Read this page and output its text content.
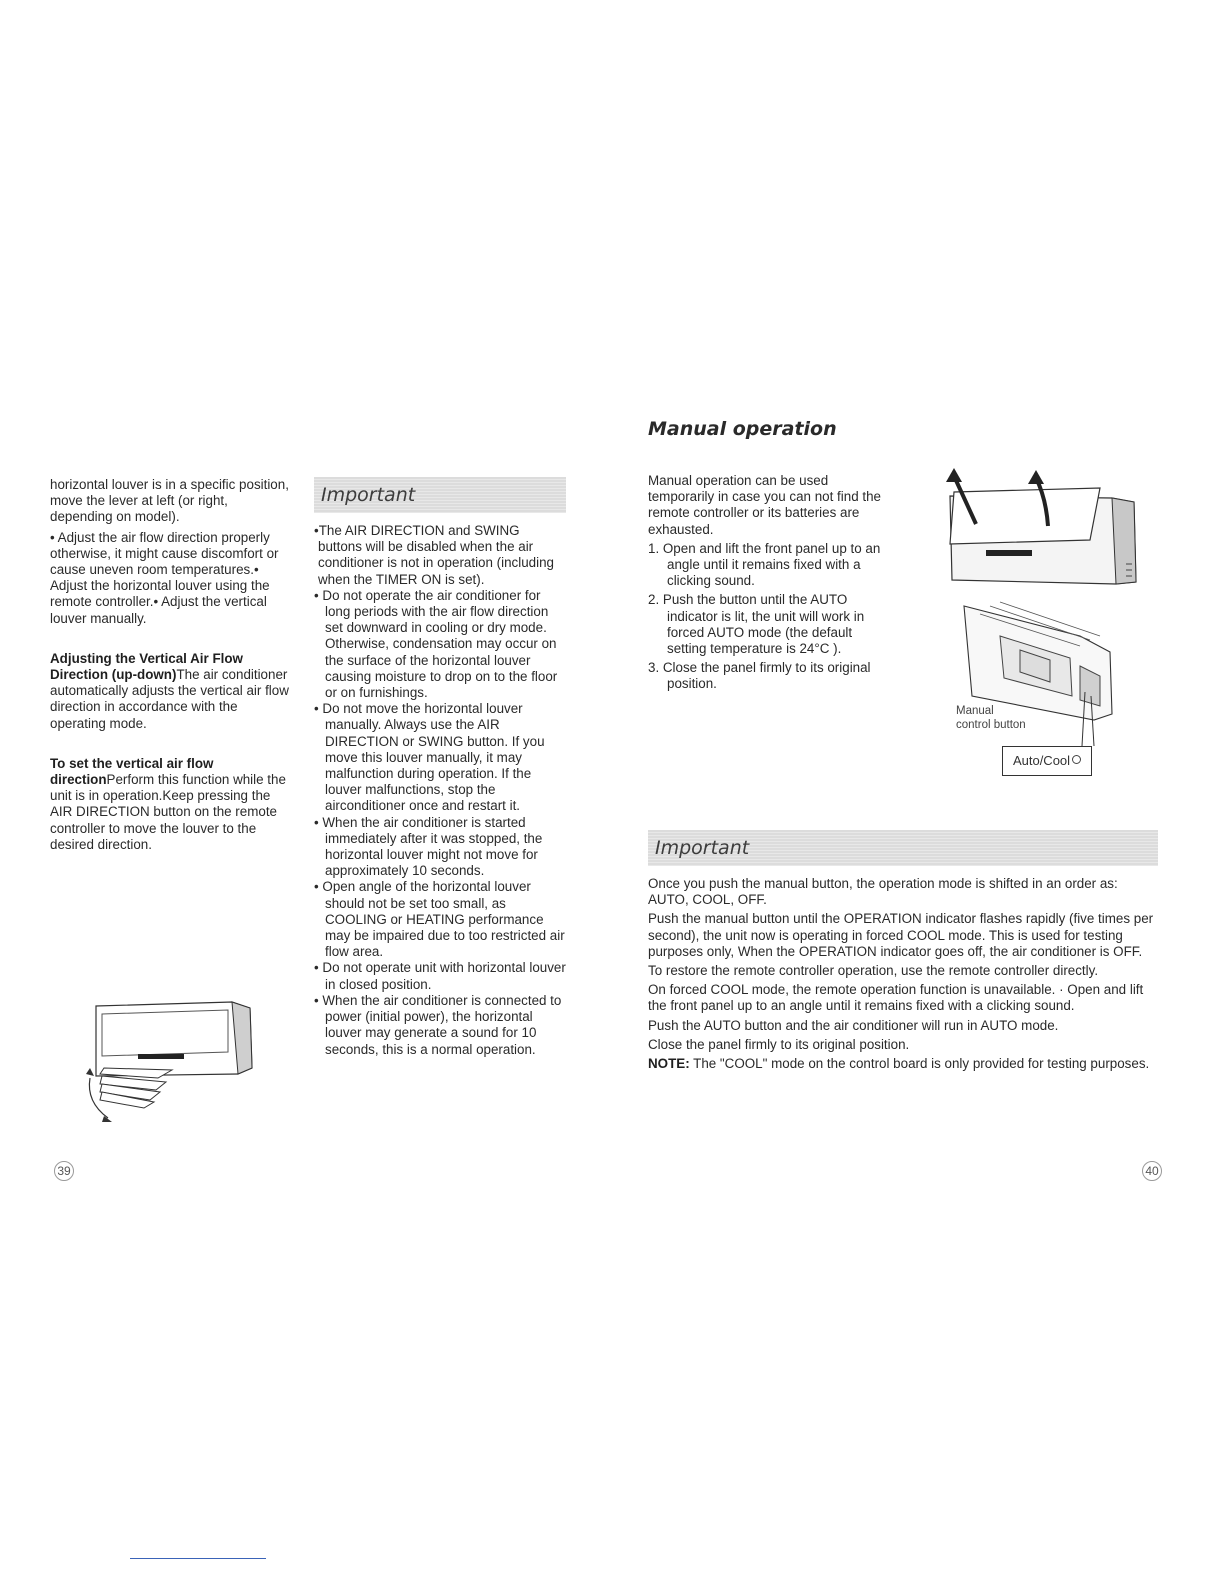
horizontal louver is in a specific position, move the lever at left (or right, depending on model).

• Adjust the air flow direction properly otherwise, it might cause discomfort or cause uneven room temperatures.• Adjust the horizontal louver using the remote controller.• Adjust the vertical louver manually.

Adjusting the Vertical Air Flow Direction (up-down)The air conditioner automatically adjusts the vertical air flow direction in accordance with the operating mode.

To set the vertical air flow directionPerform this function while the unit is in operation.Keep pressing the AIR DIRECTION button on the remote controller to move the louver to the desired direction.

Important

•The AIR DIRECTION and SWING buttons will be disabled when the air conditioner is not in operation (including when the TIMER ON is set).

• Do not operate the air conditioner for long periods with the air flow direction set downward in cooling or dry mode. Otherwise, condensation may occur on the surface of the horizontal louver causing moisture to drop on to the floor or on furnishings.

• Do not move the horizontal louver manually. Always use the AIR DIRECTION or SWING button. If you move this louver manually, it may malfunction during operation. If the louver malfunctions, stop the airconditioner once and restart it.

• When the air conditioner is started immediately after it was stopped, the horizontal louver might not move for approximately 10 seconds.

• Open angle of the horizontal louver should not be set too small, as COOLING or HEATING performance may be impaired due to too restricted air flow area.

• Do not operate unit with horizontal louver in closed position.

• When the air conditioner is connected to power (initial power), the horizontal louver may generate a sound for 10 seconds, this is a normal operation.

39
Manual operation

Manual operation can be used temporarily in case you can not find the remote controller or its batteries are exhausted.

1. Open and lift the front panel up to an angle until it remains fixed with a clicking sound.

2. Push the button until the AUTO indicator is lit, the unit will work in forced AUTO mode (the default setting temperature is 24°C ).

3. Close the panel firmly to its original position.

Manual
control button
Auto/Cool
Important

Once you push the manual button, the operation mode is shifted in an order as: AUTO, COOL, OFF.

Push the manual button until the OPERATION indicator flashes rapidly (five times per second), the unit now is operating in forced COOL mode. This is used for testing purposes only, When the OPERATION indicator goes off, the air conditioner is OFF.

To restore the remote controller operation, use the remote controller directly.

On forced COOL mode, the remote operation function is unavailable. · Open and lift the front panel up to an angle until it remains fixed with a clicking sound.

Push the AUTO button and the air conditioner will run in AUTO mode.

Close the panel firmly to its original position.

NOTE: The "COOL" mode on the control board is only provided for testing purposes.

40
